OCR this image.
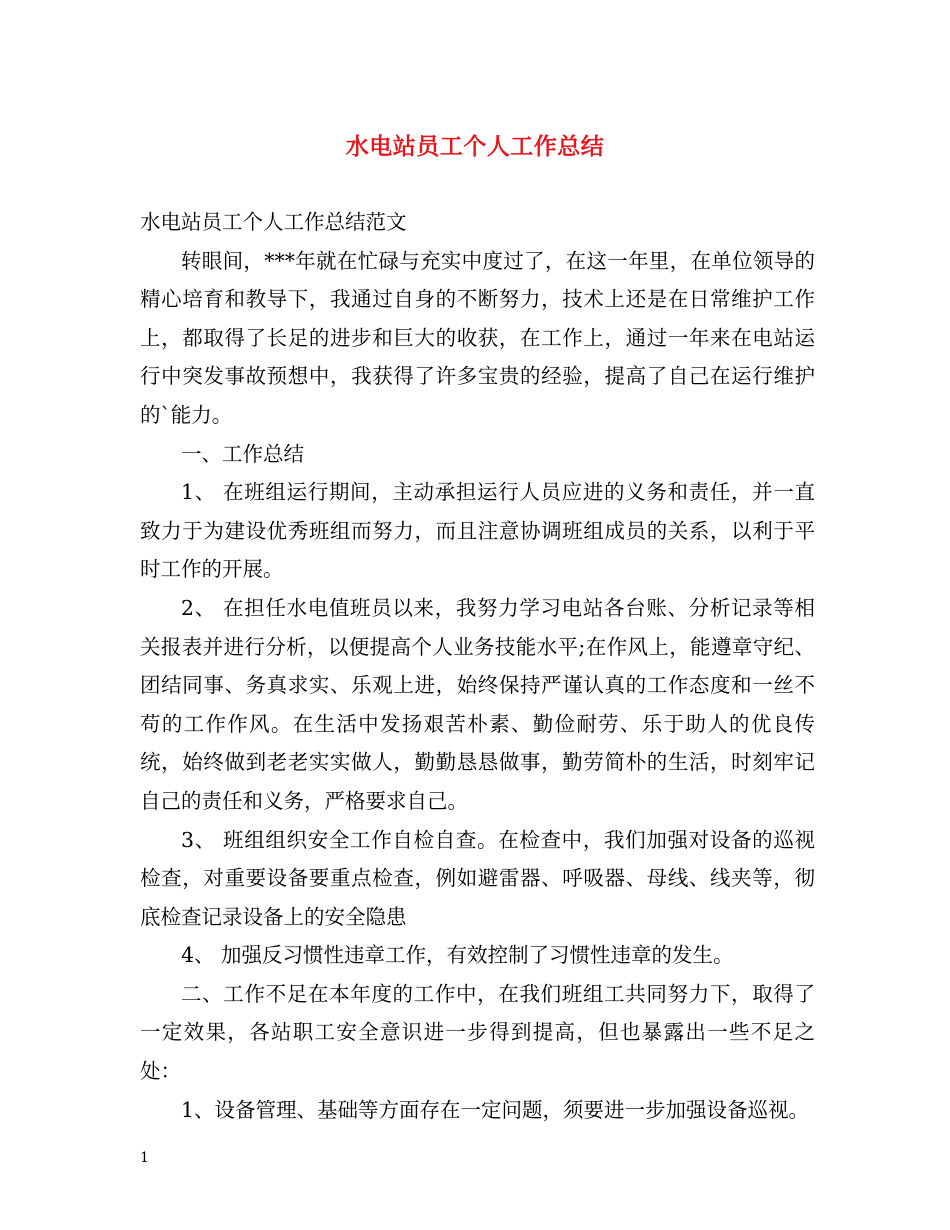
水电站员工个人工作总结

水电站员工个人工作总结范文

转眼间，***年就在忙碌与充实中度过了，在这一年里，在单位领导的精心培育和教导下，我通过自身的不断努力，技术上还是在日常维护工作上，都取得了长足的进步和巨大的收获，在工作上，通过一年来在电站运行中突发事故预想中，我获得了许多宝贵的经验，提高了自己在运行维护的`能力。

一、工作总结

1、 在班组运行期间，主动承担运行人员应进的义务和责任，并一直致力于为建设优秀班组而努力，而且注意协调班组成员的关系，以利于平时工作的开展。

2、 在担任水电值班员以来，我努力学习电站各台账、分析记录等相关报表并进行分析，以便提高个人业务技能水平;在作风上，能遵章守纪、团结同事、务真求实、乐观上进，始终保持严谨认真的工作态度和一丝不苟的工作作风。在生活中发扬艰苦朴素、勤俭耐劳、乐于助人的优良传统，始终做到老老实实做人，勤勤恳恳做事，勤劳简朴的生活，时刻牢记自己的责任和义务，严格要求自己。

3、 班组组织安全工作自检自查。在检查中，我们加强对设备的巡视检查，对重要设备要重点检查，例如避雷器、呼吸器、母线、线夹等，彻底检查记录设备上的安全隐患

4、 加强反习惯性违章工作，有效控制了习惯性违章的发生。

二、工作不足在本年度的工作中，在我们班组工共同努力下，取得了一定效果，各站职工安全意识进一步得到提高，但也暴露出一些不足之处：

1、设备管理、基础等方面存在一定问题，须要进一步加强设备巡视。

1
